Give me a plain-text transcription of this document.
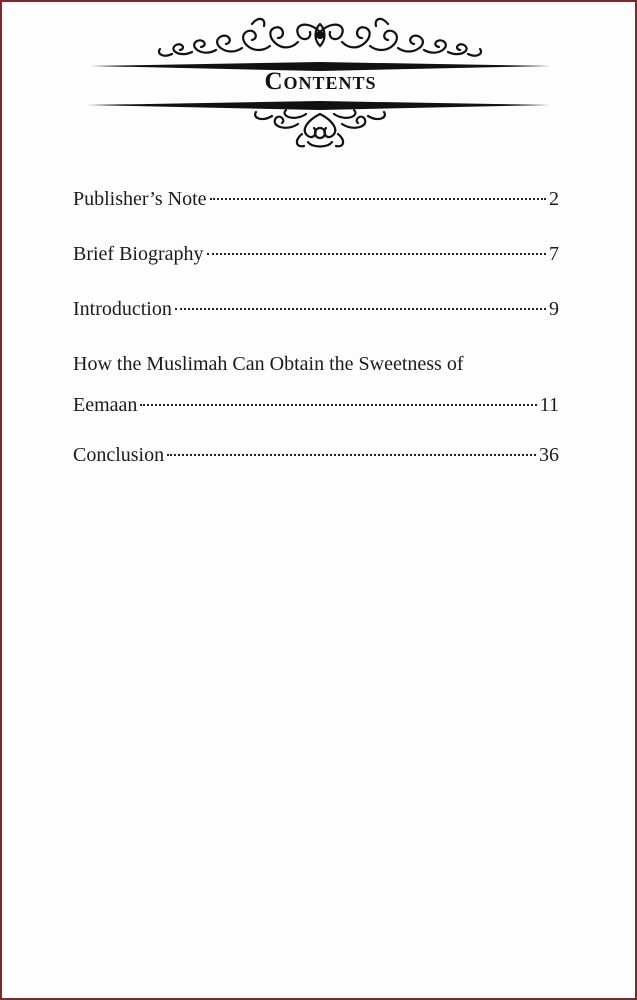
Contents
Publisher’s Note	2
Brief Biography	7
Introduction	9
How the Muslimah Can Obtain the Sweetness of
Eemaan	11
Conclusion	36
